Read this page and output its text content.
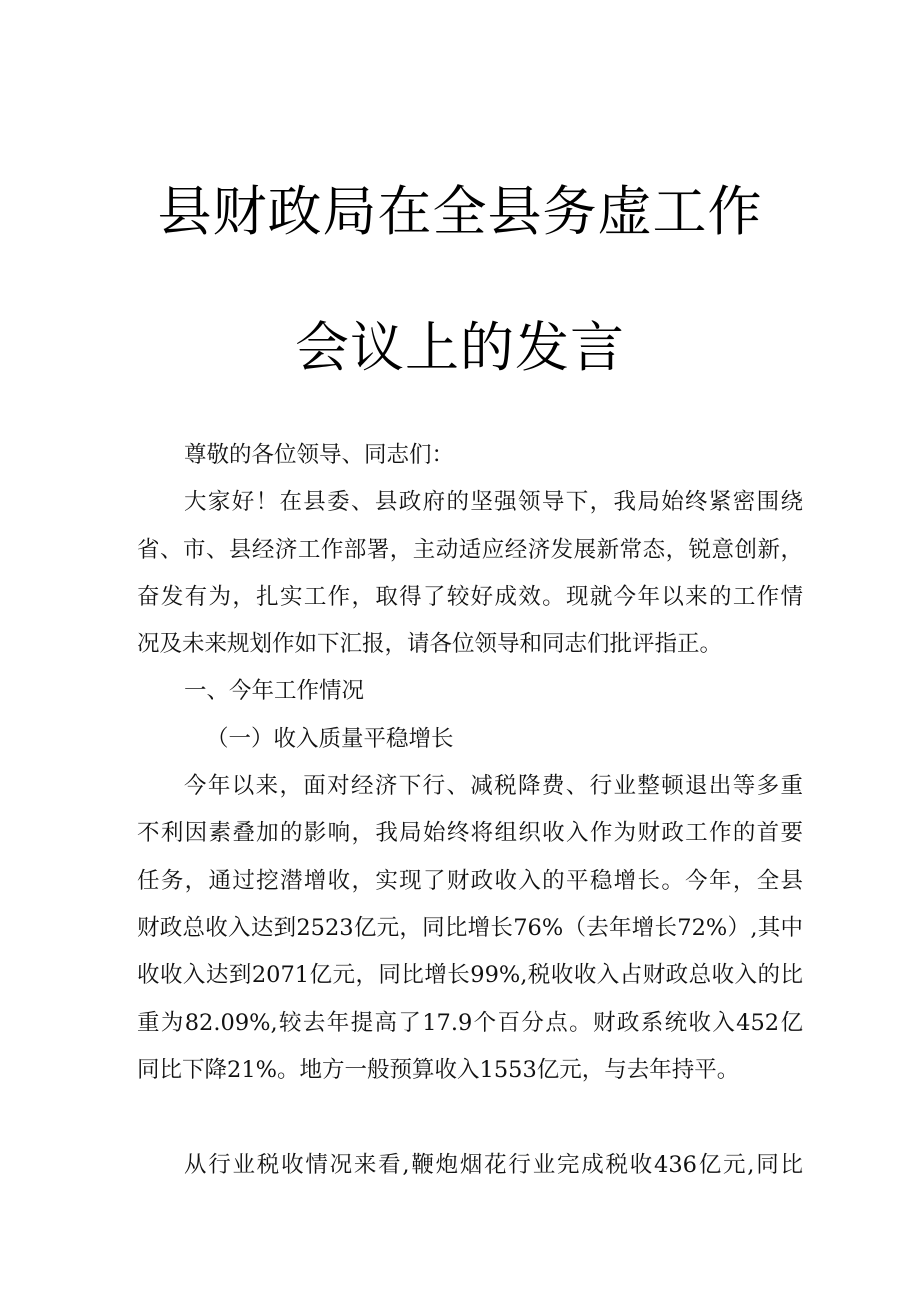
县财政局在全县务虚工作
会议上的发言
尊敬的各位领导、同志们：
大家好！在县委、县政府的坚强领导下，我局始终紧密围绕
省、市、县经济工作部署，主动适应经济发展新常态，锐意创新，
奋发有为，扎实工作，取得了较好成效。现就今年以来的工作情
况及未来规划作如下汇报，请各位领导和同志们批评指正。
一、今年工作情况
（一）收入质量平稳增长
今年以来，面对经济下行、减税降费、行业整顿退出等多重
不利因素叠加的影响，我局始终将组织收入作为财政工作的首要
任务，通过挖潜增收，实现了财政收入的平稳增长。今年，全县
财政总收入达到2523亿元，同比增长76%（去年增长72%）,其中
收收入达到2071亿元，同比增长99%,税收收入占财政总收入的比
重为82.09%,较去年提高了17.9个百分点。财政系统收入452亿
同比下降21%。地方一般预算收入1553亿元，与去年持平。
从行业税收情况来看,鞭炮烟花行业完成税收436亿元,同比
